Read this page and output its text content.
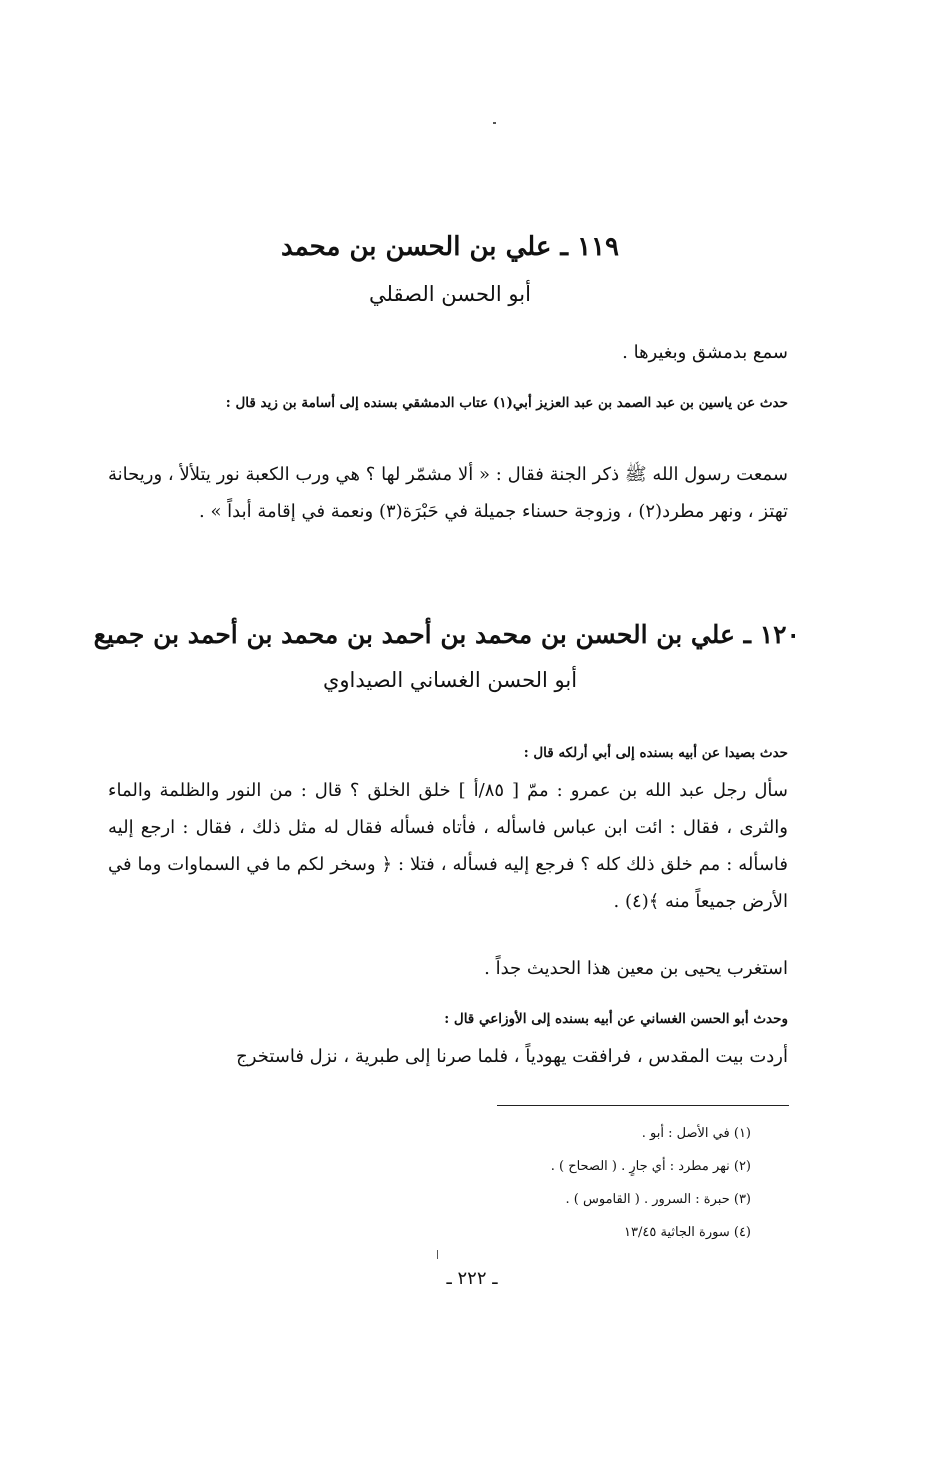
١١٩ ـ علي بن الحسن بن محمد
أبو الحسن الصقلي
سمع بدمشق وبغيرها .
حدث عن ياسين بن عبد الصمد بن عبد العزيز أبي(١) عتاب الدمشقي بسنده إلى أسامة بن زيد قال :
سمعت رسول الله ﷺ ذكر الجنة فقال : « ألا مشمّر لها ؟ هي ورب الكعبة نور يتلألأ ، وريحانة تهتز ، ونهر مطرد(٢) ، وزوجة حسناء جميلة في حَبْرَة(٣) ونعمة في إقامة أبداً » .
١٢٠ ـ علي بن الحسن بن محمد بن أحمد بن محمد بن أحمد بن جميع
أبو الحسن الغساني الصيداوي
حدث بصيدا عن أبيه بسنده إلى أبي أرلكه قال :
سأل رجل عبد الله بن عمرو : ممّ [ ٨٥/أ ] خلق الخلق ؟ قال : من النور والظلمة والماء والثرى ، فقال : ائت ابن عباس فاسأله ، فأتاه فسأله فقال له مثل ذلك ، فقال : ارجع إليه فاسأله : مم خلق ذلك كله ؟ فرجع إليه فسأله ، فتلا : ﴿ وسخر لكم ما في السماوات وما في الأرض جميعاً منه ﴾(٤) .
استغرب يحيى بن معين هذا الحديث جداً .
وحدث أبو الحسن الغساني عن أبيه بسنده إلى الأوزاعي قال :
أردت بيت المقدس ، فرافقت يهودياً ، فلما صرنا إلى طبرية ، نزل فاستخرج
(١) في الأصل : أبو .
(٢) نهر مطرد : أي جارٍ . ( الصحاح ) .
(٣) حبرة : السرور . ( القاموس ) .
(٤) سورة الجاثية ١٣/٤٥
ـ ٢٢٢ ـ
